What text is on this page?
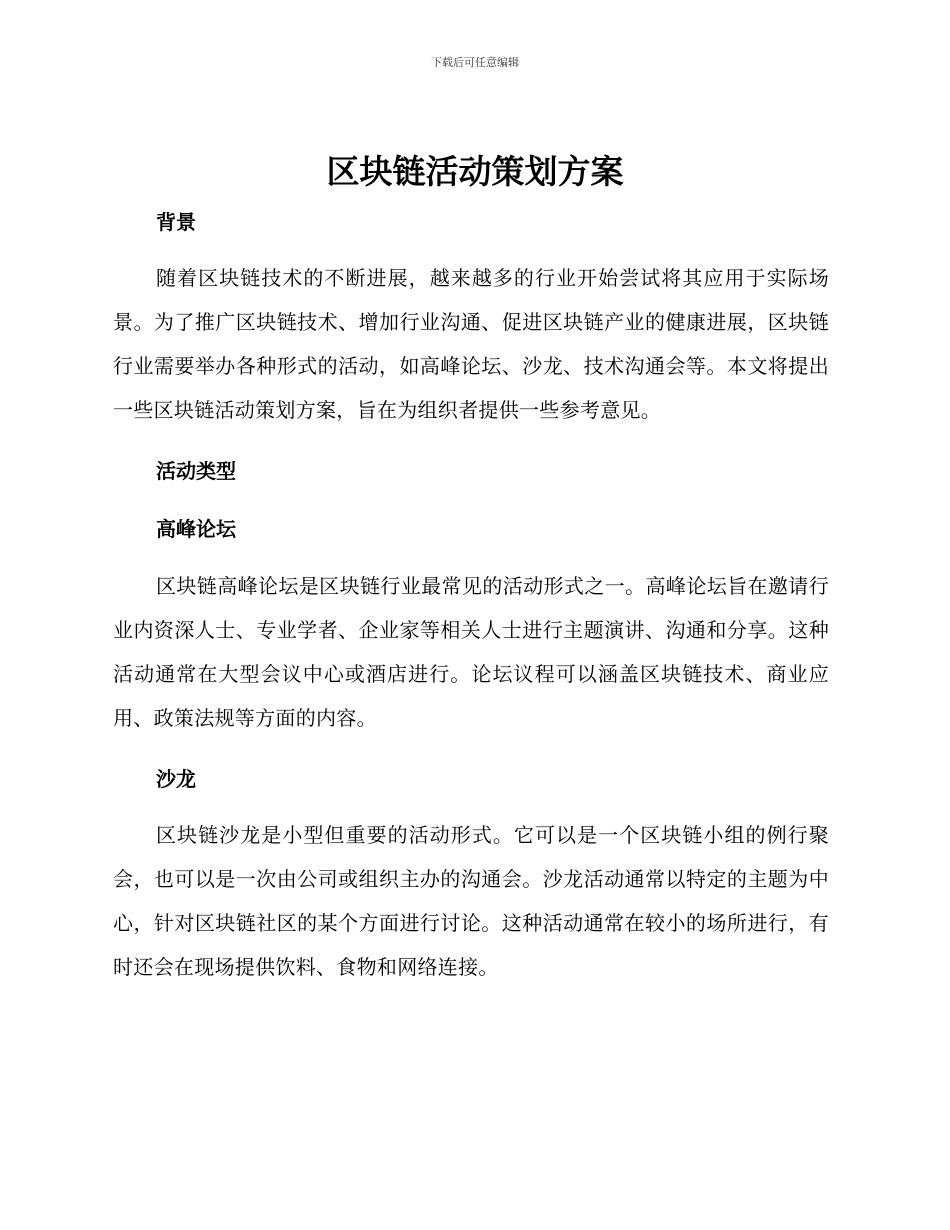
下载后可任意编辑
区块链活动策划方案
背景

随着区块链技术的不断进展，越来越多的行业开始尝试将其应用于实际场景。为了推广区块链技术、增加行业沟通、促进区块链产业的健康进展，区块链行业需要举办各种形式的活动，如高峰论坛、沙龙、技术沟通会等。本文将提出一些区块链活动策划方案，旨在为组织者提供一些参考意见。

活动类型
高峰论坛

区块链高峰论坛是区块链行业最常见的活动形式之一。高峰论坛旨在邀请行业内资深人士、专业学者、企业家等相关人士进行主题演讲、沟通和分享。这种活动通常在大型会议中心或酒店进行。论坛议程可以涵盖区块链技术、商业应用、政策法规等方面的内容。

沙龙

区块链沙龙是小型但重要的活动形式。它可以是一个区块链小组的例行聚会，也可以是一次由公司或组织主办的沟通会。沙龙活动通常以特定的主题为中心，针对区块链社区的某个方面进行讨论。这种活动通常在较小的场所进行，有时还会在现场提供饮料、食物和网络连接。
